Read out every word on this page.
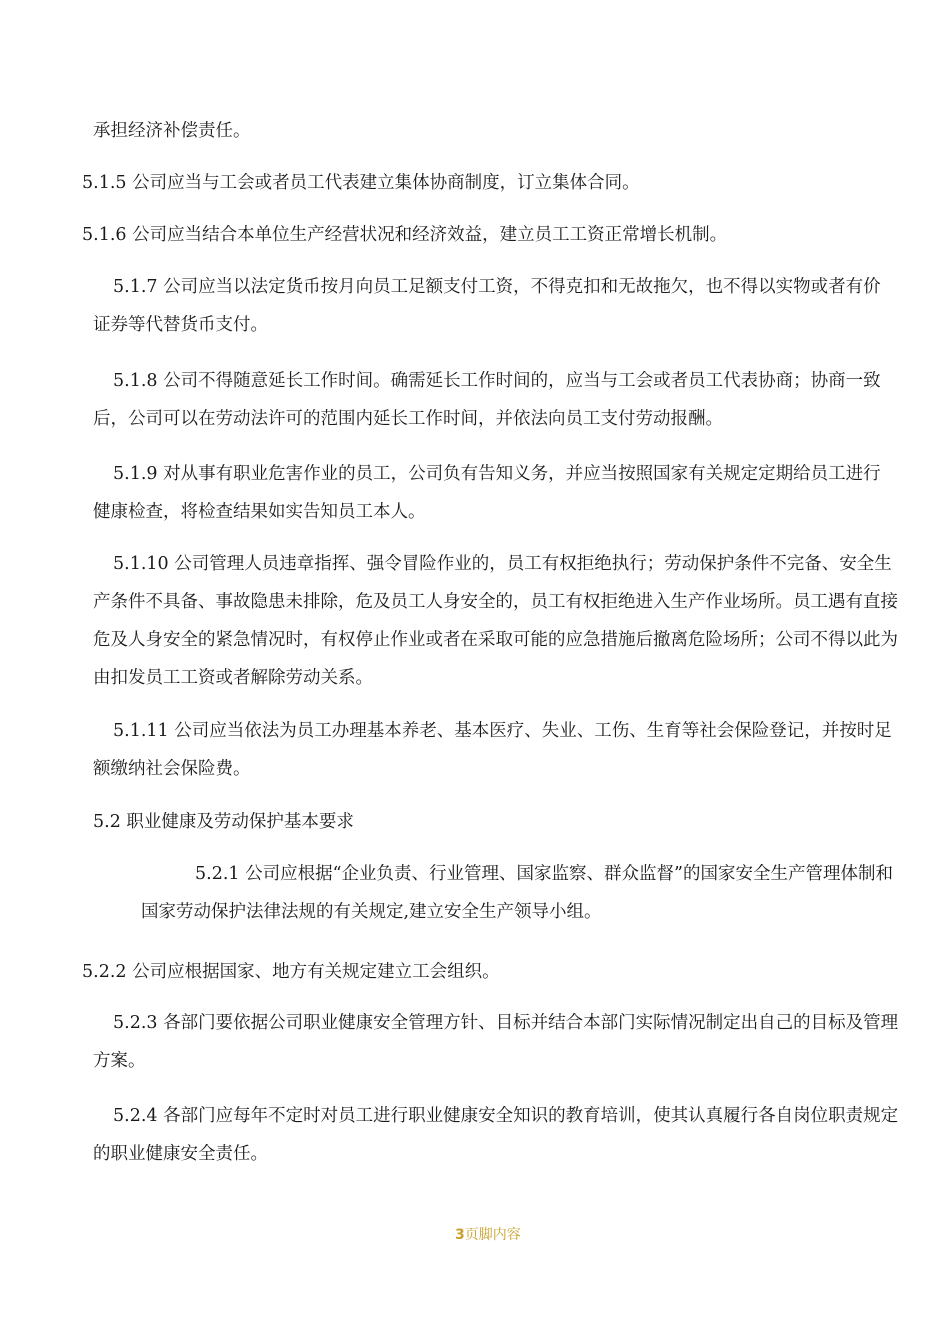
承担经济补偿责任。

5.1.5 公司应当与工会或者员工代表建立集体协商制度，订立集体合同。

5.1.6 公司应当结合本单位生产经营状况和经济效益，建立员工工资正常增长机制。

5.1.7 公司应当以法定货币按月向员工足额支付工资，不得克扣和无故拖欠，也不得以实物或者有价证券等代替货币支付。

5.1.8 公司不得随意延长工作时间。确需延长工作时间的，应当与工会或者员工代表协商；协商一致后，公司可以在劳动法许可的范围内延长工作时间，并依法向员工支付劳动报酬。

5.1.9 对从事有职业危害作业的员工，公司负有告知义务，并应当按照国家有关规定定期给员工进行健康检查，将检查结果如实告知员工本人。

5.1.10 公司管理人员违章指挥、强令冒险作业的，员工有权拒绝执行；劳动保护条件不完备、安全生产条件不具备、事故隐患未排除，危及员工人身安全的，员工有权拒绝进入生产作业场所。员工遇有直接危及人身安全的紧急情况时，有权停止作业或者在采取可能的应急措施后撤离危险场所；公司不得以此为由扣发员工工资或者解除劳动关系。

5.1.11 公司应当依法为员工办理基本养老、基本医疗、失业、工伤、生育等社会保险登记，并按时足额缴纳社会保险费。

5.2 职业健康及劳动保护基本要求

5.2.1 公司应根据“企业负责、行业管理、国家监察、群众监督”的国家安全生产管理体制和国家劳动保护法律法规的有关规定,建立安全生产领导小组。

5.2.2 公司应根据国家、地方有关规定建立工会组织。

5.2.3 各部门要依据公司职业健康安全管理方针、目标并结合本部门实际情况制定出自己的目标及管理方案。

5.2.4 各部门应每年不定时对员工进行职业健康安全知识的教育培训，使其认真履行各自岗位职责规定的职业健康安全责任。

3页脚内容
